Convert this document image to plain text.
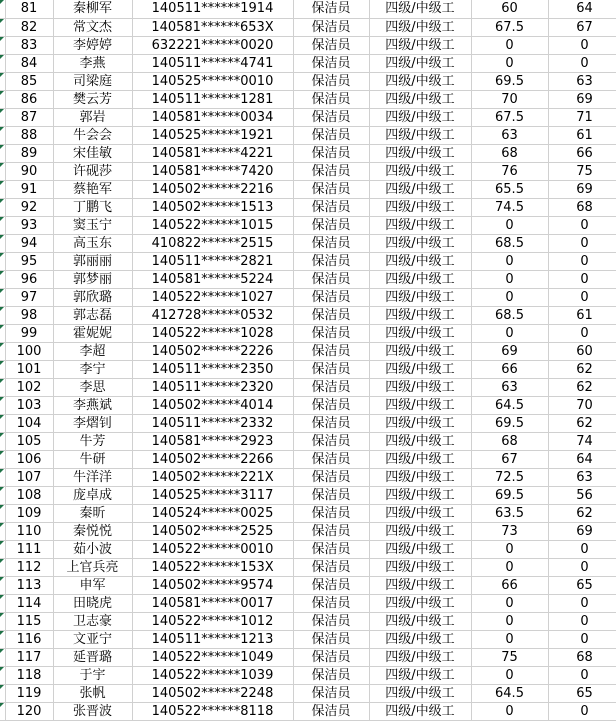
	81	秦柳军	140511******1914	保洁员	四级/中级工	60	64

	82	常文杰	140581******653X	保洁员	四级/中级工	67.5	67

	83	李婷婷	632221******0020	保洁员	四级/中级工	0	0

	84	李燕	140511******4741	保洁员	四级/中级工	0	0

	85	司梁庭	140525******0010	保洁员	四级/中级工	69.5	63

	86	樊云芳	140511******1281	保洁员	四级/中级工	70	69

	87	郭岩	140581******0034	保洁员	四级/中级工	67.5	71

	88	牛会会	140525******1921	保洁员	四级/中级工	63	61

	89	宋佳敏	140581******4221	保洁员	四级/中级工	68	66

	90	许砚莎	140581******7420	保洁员	四级/中级工	76	75

	91	蔡艳军	140502******2216	保洁员	四级/中级工	65.5	69

	92	丁鹏飞	140502******1513	保洁员	四级/中级工	74.5	68

	93	窦玉宁	140522******1015	保洁员	四级/中级工	0	0

	94	高玉东	410822******2515	保洁员	四级/中级工	68.5	0

	95	郭丽丽	140511******2821	保洁员	四级/中级工	0	0

	96	郭梦丽	140581******5224	保洁员	四级/中级工	0	0

	97	郭欣璐	140522******1027	保洁员	四级/中级工	0	0

	98	郭志磊	412728******0532	保洁员	四级/中级工	68.5	61

	99	霍妮妮	140522******1028	保洁员	四级/中级工	0	0

	100	李超	140502******2226	保洁员	四级/中级工	69	60

	101	李宁	140511******2350	保洁员	四级/中级工	66	62

	102	李思	140511******2320	保洁员	四级/中级工	63	62

	103	李燕斌	140502******4014	保洁员	四级/中级工	64.5	70

	104	李熠钊	140511******2332	保洁员	四级/中级工	69.5	62

	105	牛芳	140581******2923	保洁员	四级/中级工	68	74

	106	牛研	140502******2266	保洁员	四级/中级工	67	64

	107	牛洋洋	140502******221X	保洁员	四级/中级工	72.5	63

	108	庞卓成	140525******3117	保洁员	四级/中级工	69.5	56

	109	秦昕	140524******0025	保洁员	四级/中级工	63.5	62

	110	秦悦悦	140502******2525	保洁员	四级/中级工	73	69

	111	茹小波	140522******0010	保洁员	四级/中级工	0	0

	112	上官兵亮	140522******153X	保洁员	四级/中级工	0	0

	113	申军	140502******9574	保洁员	四级/中级工	66	65

	114	田晓虎	140581******0017	保洁员	四级/中级工	0	0

	115	卫志豪	140522******1012	保洁员	四级/中级工	0	0

	116	文亚宁	140511******1213	保洁员	四级/中级工	0	0

	117	延晋璐	140522******1049	保洁员	四级/中级工	75	68

	118	于宇	140522******1039	保洁员	四级/中级工	0	0

	119	张帆	140502******2248	保洁员	四级/中级工	64.5	65

	120	张晋波	140522******8118	保洁员	四级/中级工	0	0
